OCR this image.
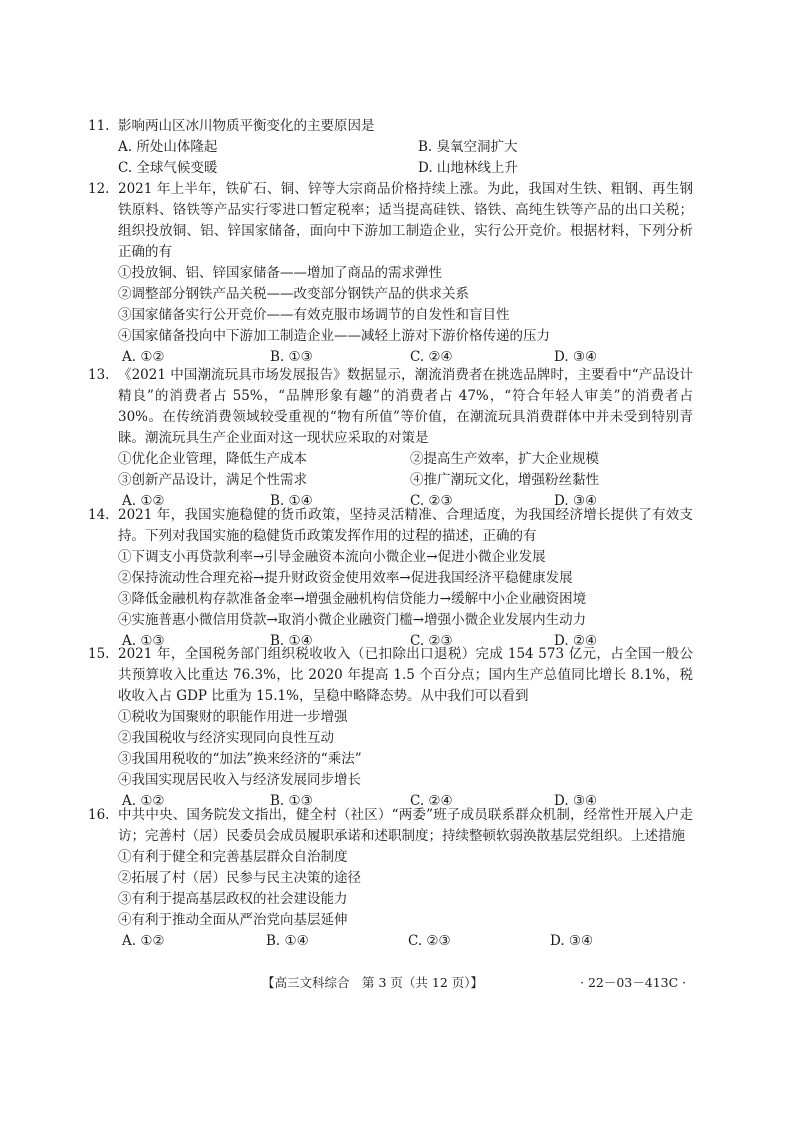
11. 影响两山区冰川物质平衡变化的主要原因是

A. 所处山体隆起	B. 臭氧空洞扩大
C. 全球气候变暖	D. 山地林线上升
12. 2021 年上半年，铁矿石、铜、锌等大宗商品价格持续上涨。为此，我国对生铁、粗钢、再生钢铁原料、铬铁等产品实行零进口暂定税率；适当提高硅铁、铬铁、高纯生铁等产品的出口关税；组织投放铜、铝、锌国家储备，面向中下游加工制造企业，实行公开竞价。根据材料，下列分析正确的有

①投放铜、铝、锌国家储备——增加了商品的需求弹性
②调整部分钢铁产品关税——改变部分钢铁产品的供求关系
③国家储备实行公开竞价——有效克服市场调节的自发性和盲目性
④国家储备投向中下游加工制造企业——减轻上游对下游价格传递的压力
A. ①②	B. ①③	C. ②④	D. ③④
13. 《2021 中国潮流玩具市场发展报告》数据显示，潮流消费者在挑选品牌时，主要看中“产品设计精良”的消费者占 55%，“品牌形象有趣”的消费者占 47%，“符合年轻人审美”的消费者占 30%。在传统消费领域较受重视的“物有所值”等价值，在潮流玩具消费群体中并未受到特别青睐。潮流玩具生产企业面对这一现状应采取的对策是

①优化企业管理，降低生产成本	②提高生产效率，扩大企业规模
③创新产品设计，满足个性需求	④推广潮玩文化，增强粉丝黏性
A. ①②	B. ①④	C. ②③	D. ③④
14. 2021 年，我国实施稳健的货币政策，坚持灵活精准、合理适度，为我国经济增长提供了有效支持。下列对我国实施的稳健货币政策发挥作用的过程的描述，正确的有

①下调支小再贷款利率→引导金融资本流向小微企业→促进小微企业发展
②保持流动性合理充裕→提升财政资金使用效率→促进我国经济平稳健康发展
③降低金融机构存款准备金率→增强金融机构信贷能力→缓解中小企业融资困境
④实施普惠小微信用贷款→取消小微企业融资门槛→增强小微企业发展内生动力
A. ①③	B. ①④	C. ②③	D. ②④
15. 2021 年，全国税务部门组织税收收入（已扣除出口退税）完成 154 573 亿元，占全国一般公共预算收入比重达 76.3%，比 2020 年提高 1.5 个百分点；国内生产总值同比增长 8.1%，税收收入占 GDP 比重为 15.1%，呈稳中略降态势。从中我们可以看到

①税收为国聚财的职能作用进一步增强
②我国税收与经济实现同向良性互动
③我国用税收的“加法”换来经济的“乘法”
④我国实现居民收入与经济发展同步增长
A. ①②	B. ①③	C. ②④	D. ③④
16. 中共中央、国务院发文指出，健全村（社区）“两委”班子成员联系群众机制，经常性开展入户走访；完善村（居）民委员会成员履职承诺和述职制度；持续整顿软弱涣散基层党组织。上述措施

①有利于健全和完善基层群众自治制度
②拓展了村（居）民参与民主决策的途径
③有利于提高基层政权的社会建设能力
④有利于推动全面从严治党向基层延伸
A. ①②	B. ①④	C. ②③	D. ③④
【高三文科综合　第 3 页（共 12 页）】	· 22－03－413C ·
